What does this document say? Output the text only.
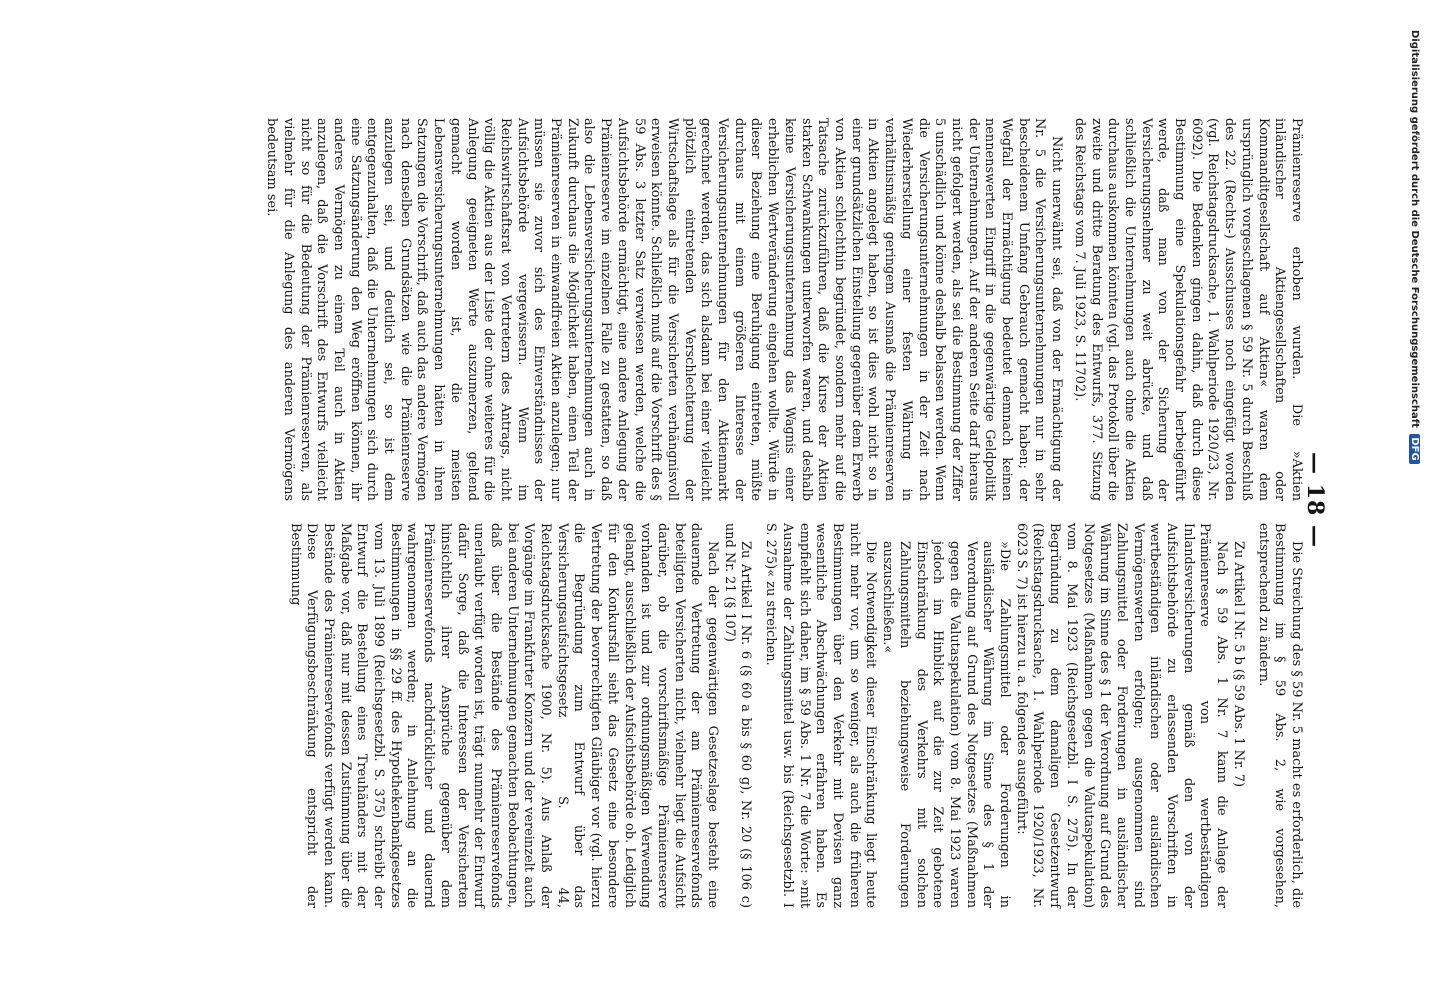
— 18 —

Prämienreserve erhoben wurden. Die »Aktien inländischer Aktiengesellschaften oder Kommanditgesellschaft auf Aktien« waren dem ursprünglich vorgeschlagenen § 59 Nr. 5 durch Beschluß des 22. (Rechts-) Ausschusses noch eingefügt worden (vgl. Reichstagsdrucksache, 1. Wahlperiode 1920/23, Nr. 6092). Die Bedenken gingen dahin, daß durch diese Bestimmung eine Spekulationsgefahr herbeigeführt werde, daß man von der Sicherung der Versicherungsnehmer zu weit abrücke, und daß schließlich die Unternehmungen auch ohne die Aktien durchaus auskommen könnten (vgl. das Protokoll über die zweite und dritte Beratung des Entwurfs, 377. Sitzung des Reichstags vom 7. Juli 1923, S. 11702).

Nicht unerwähnt sei, daß von der Ermächtigung der Nr. 5 die Versicherungsunternehmungen nur in sehr bescheidenem Umfang Gebrauch gemacht haben; der Wegfall der Ermächtigung bedeutet demnach keinen nennenswerten Eingriff in die gegenwärtige Geldpolitik der Unternehmungen. Auf der anderen Seite darf hieraus nicht gefolgert werden, als sei die Bestimmung der Ziffer 5 unschädlich und könne deshalb belassen werden. Wenn die Versicherungsunternehmungen in der Zeit nach Wiederherstellung einer festen Währung in verhältnismäßig geringem Ausmaß die Prämienreserven in Aktien angelegt haben, so ist dies wohl nicht so in einer grundsätzlichen Einstellung gegenüber dem Erwerb von Aktien schlechthin begründet, sondern mehr auf die Tatsache zurückzuführen, daß die Kurse der Aktien starken Schwankungen unterworfen waren, und deshalb keine Versicherungsunternehmung das Wagnis einer erheblichen Wertveränderung eingehen wollte. Würde in dieser Beziehung eine Beruhigung eintreten, müßte durchaus mit einem größeren Interesse der Versicherungsunternehmungen für den Aktienmarkt gerechnet werden, das sich alsdann bei einer vielleicht plötzlich eintretenden Verschlechterung der Wirtschaftslage als für die Versicherten verhängnisvoll erweisen könnte. Schließlich muß auf die Vorschrift des § 59 Abs. 3 letzter Satz verwiesen werden, welche die Aufsichtsbehörde ermächtigt, eine andere Anlegung der Prämienreserve im einzelnen Falle zu gestatten, so daß also die Lebensversicherungsunternehmungen auch in Zukunft durchaus die Möglichkeit haben, einen Teil der Prämienreserven in einwandfreien Aktien anzulegen; nur müssen sie zuvor sich des Einverständnisses der Aufsichtsbehörde vergewissern. Wenn im Reichswirtschaftsrat von Vertretern des Antrags, nicht völlig die Aktien aus der Liste der ohne weiteres für die Anlegung geeigneten Werte auszumerzen, geltend gemacht worden ist, die meisten Lebensversicherungsunternehmungen hätten in ihren Satzungen die Vorschrift, daß auch das andere Vermögen nach denselben Grundsätzen wie die Prämienreserve anzulegen sei, und deutlich sei, so ist dem entgegenzuhalten, daß die Unternehmungen sich durch eine Satzungsänderung den Weg eröffnen können, ihr anderes Vermögen zu einem Teil auch in Aktien anzulegen, daß die Vorschrift des Entwurfs vielleicht nicht so für die Bedeutung der Prämienreserven, als vielmehr für die Anlegung des anderen Vermögens bedeutsam sei.

Die Streichung des § 59 Nr. 5 macht es erforderlich, die Bestimmung im § 59 Abs. 2, wie vorgesehen, entsprechend zu ändern.

Zu Artikel I Nr. 5 b (§ 59 Abs. 1 Nr. 7)

Nach § 59 Abs. 1 Nr. 7 kann die Anlage der Prämienreserve von wertbeständigen Inlandsversicherungen gemäß den von der Aufsichtsbehörde zu erlassenden Vorschriften in wertbeständigen inländischen oder ausländischen Vermögenswerten erfolgen; ausgenommen sind Zahlungsmittel oder Forderungen in ausländischer Währung im Sinne des § 1 der Verordnung auf Grund des Notgesetzes (Maßnahmen gegen die Valutaspekulation) vom 8. Mai 1923 (Reichsgesetzbl. I S. 275). In der Begründung zu dem damaligen Gesetzentwurf (Reichstagsdrucksache, 1. Wahlperiode 1920/1923, Nr. 6023 S. 7) ist hierzu u. a. folgendes ausgeführt:

»Die Zahlungsmittel oder Forderungen in ausländischer Währung im Sinne des § 1 der Verordnung auf Grund des Notgesetzes (Maßnahmen gegen die Valutaspekulation) vom 8. Mai 1923 waren jedoch im Hinblick auf die zur Zeit gebotene Einschränkung des Verkehrs mit solchen Zahlungsmitteln beziehungsweise Forderungen auszuschließen.«

Die Notwendigkeit dieser Einschränkung liegt heute nicht mehr vor, um so weniger, als auch die früheren Bestimmungen über den Verkehr mit Devisen ganz wesentliche Abschwächungen erfahren haben. Es empfiehlt sich daher, im § 59 Abs. 1 Nr. 7 die Worte: »mit Ausnahme der Zahlungsmittel usw. bis (Reichsgesetzbl. I S. 275)« zu streichen.

Zu Artikel I Nr. 6 (§ 60 a bis § 60 g), Nr. 20 (§ 106 c) und Nr. 21 (§ 107)

Nach der gegenwärtigen Gesetzeslage besteht eine dauernde Vertretung der am Prämienreservefonds beteiligten Versicherten nicht, vielmehr liegt die Aufsicht darüber, ob die vorschriftsmäßige Prämienreserve vorhanden ist und zur ordnungsmäßigen Verwendung gelangt, ausschließlich der Aufsichtsbehörde ob. Lediglich für den Konkursfall sieht das Gesetz eine besondere Vertretung der bevorrechtigten Gläubiger vor (vgl. hierzu die Begründung zum Entwurf über das Versicherungsaufsichtsgesetz S. 44, Reichstagsdrucksache 1900, Nr. 5). Aus Anlaß der Vorgänge im Frankfurter Konzern und der vereinzelt auch bei anderen Unternehmungen gemachten Beobachtungen, daß über die Bestände des Prämienreservefonds unerlaubt verfügt worden ist, trägt nunmehr der Entwurf dafür Sorge, daß die Interessen der Versicherten hinsichtlich ihrer Ansprüche gegenüber dem Prämienreservefonds nachdrücklicher und dauernd wahrgenommen werden; in Anlehnung an die Bestimmungen in §§ 29 ff. des Hypothekenbankgesetzes vom 13. Juli 1899 (Reichsgesetzbl. S. 375) schreibt der Entwurf die Bestellung eines Treuhänders mit der Maßgabe vor, daß nur mit dessen Zustimmung über die Bestände des Prämienreservefonds verfügt werden kann. Diese Verfügungsbeschränkung entspricht der Bestimmung

Digitalisierung gefördert durch die Deutsche Forschungsgemeinschaft DFG
